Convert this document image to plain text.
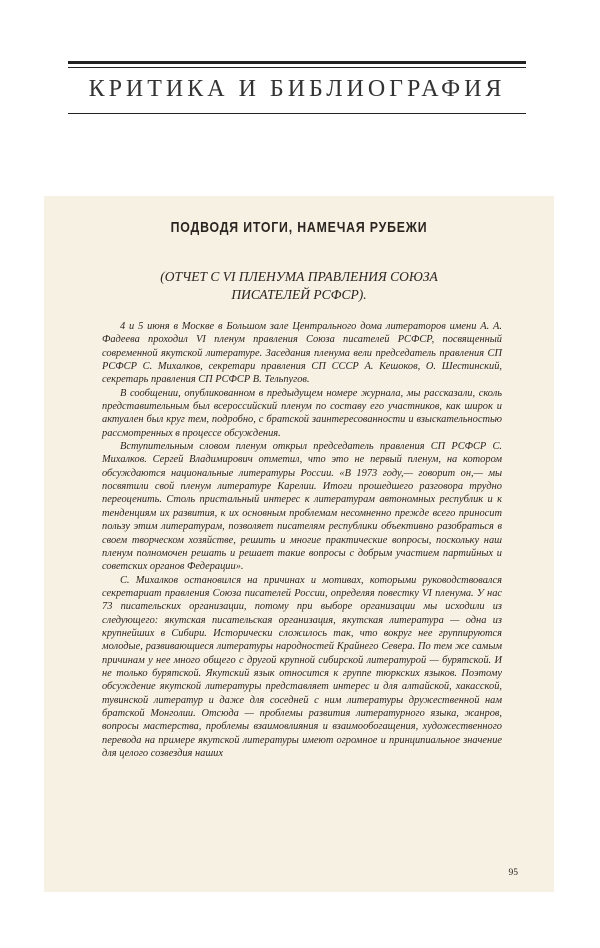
КРИТИКА И БИБЛИОГРАФИЯ
ПОДВОДЯ ИТОГИ, НАМЕЧАЯ РУБЕЖИ
(ОТЧЕТ С VI ПЛЕНУМА ПРАВЛЕНИЯ СОЮЗА ПИСАТЕЛЕЙ РСФСР).

4 и 5 июня в Москве в Большом зале Центрального дома литераторов имени А. А. Фадеева проходил VI пленум правления Союза писателей РСФСР, посвященный современной якутской литературе. Заседания пленума вели председатель правления СП РСФСР С. Михалков, секретари правления СП СССР А. Кешоков, О. Шестинский, секретарь правления СП РСФСР В. Тельпугов.

В сообщении, опубликованном в предыдущем номере журнала, мы рассказали, сколь представительным был всероссийский пленум по составу его участников, как широк и актуален был круг тем, подробно, с братской заинтересованности и взыскательностью рассмотренных в процессе обсуждения.

Вступительным словом пленум открыл председатель правления СП РСФСР С. Михалков. Сергей Владимирович отметил, что это не первый пленум, на котором обсуждаются национальные литературы России. «В 1973 году,— говорит он,— мы посвятили свой пленум литературе Карелии. Итоги прошедшего разговора трудно переоценить. Столь пристальный интерес к литературам автономных республик и к тенденциям их развития, к их основным проблемам несомненно прежде всего приносит пользу этим литературам, позволяет писателям республики объективно разобраться в своем творческом хозяйстве, решить и многие практические вопросы, поскольку наш пленум полномочен решать и решает такие вопросы с добрым участием партийных и советских органов Федерации».

С. Михалков остановился на причинах и мотивах, которыми руководствовался секретариат правления Союза писателей России, определяя повестку VI пленума. У нас 73 писательских организации, потому при выборе организации мы исходили из следующего: якутская писательская организация, якутская литература — одна из крупнейших в Сибири. Исторически сложилось так, что вокруг нее группируются молодые, развивающиеся литературы народностей Крайнего Севера. По тем же самым причинам у нее много общего с другой крупной сибирской литературой — бурятской. И не только бурятской. Якутский язык относится к группе тюркских языков. Поэтому обсуждение якутской литературы представляет интерес и для алтайской, хакасской, тувинской литератур и даже для соседней с ним литературы дружественной нам братской Монголии. Отсюда — проблемы развития литературного языка, жанров, вопросы мастерства, проблемы взаимовлияния и взаимообогащения, художественного перевода на примере якутской литературы имеют огромное и принципиальное значение для целого созвездия наших

95
